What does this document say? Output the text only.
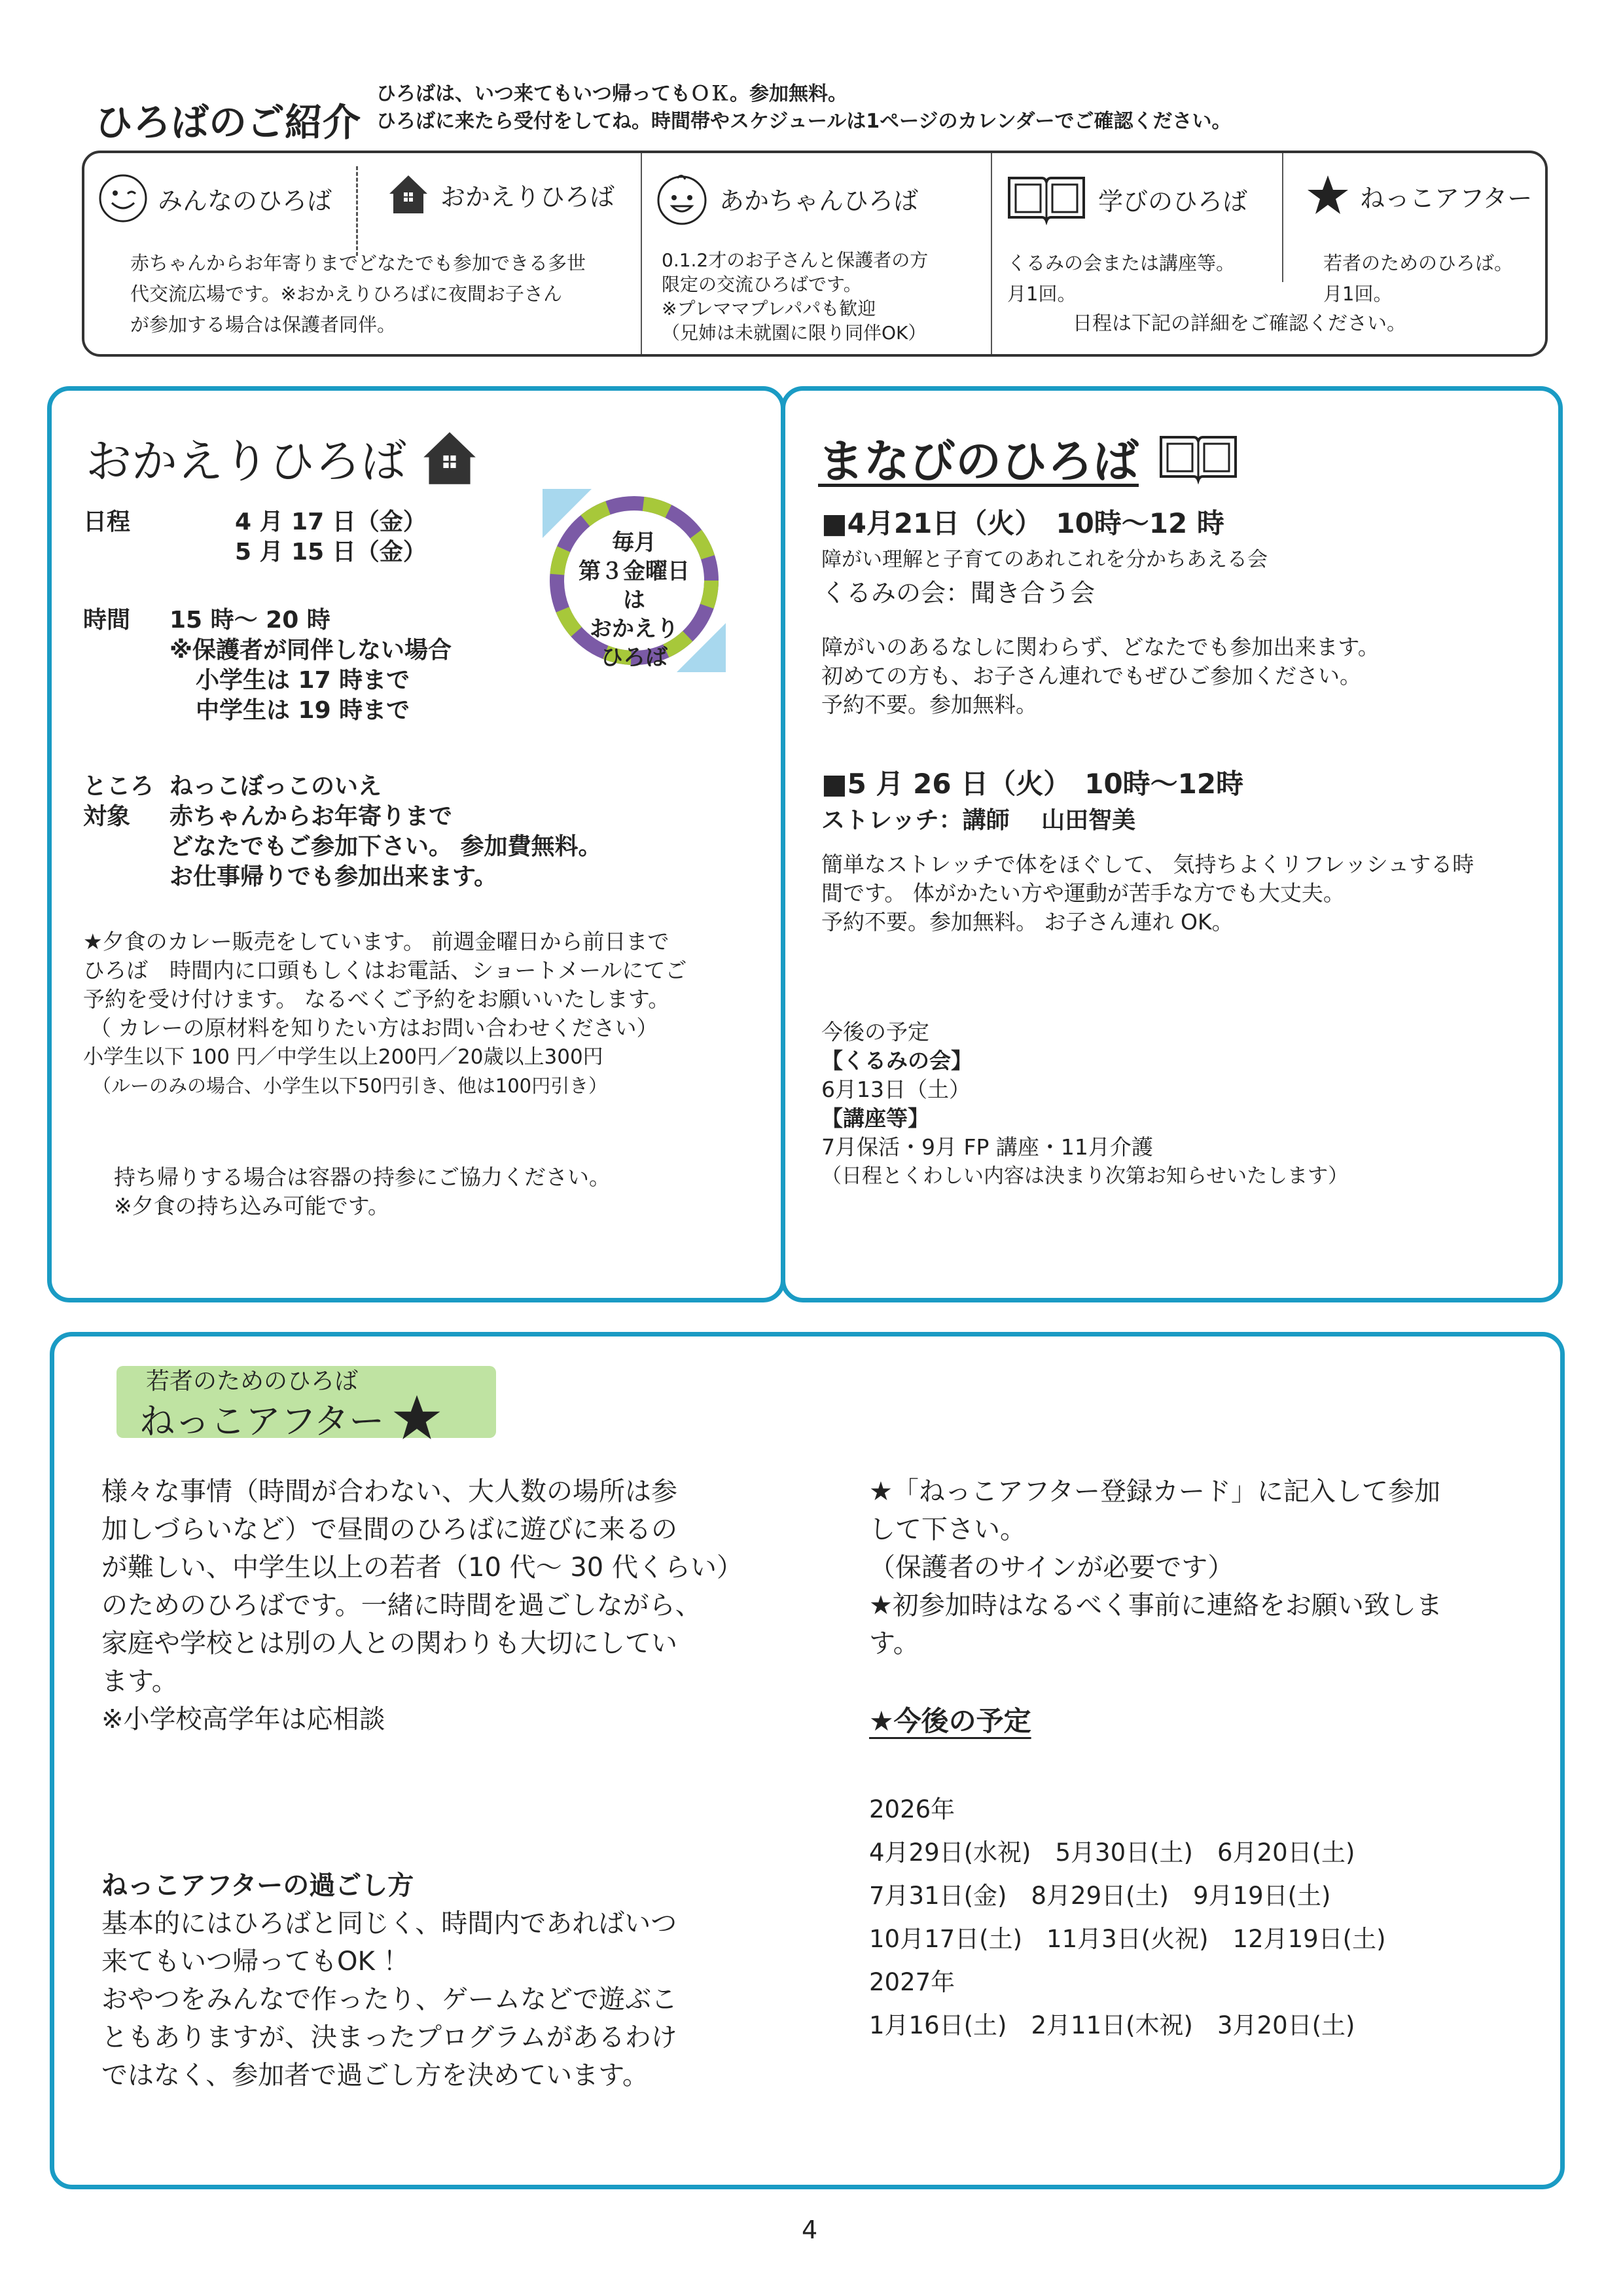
ひろばのご紹介
ひろばは、いつ来てもいつ帰ってもＯＫ。参加無料。
ひろばに来たら受付をしてね。時間帯やスケジュールは1ページのカレンダーでご確認ください。
みんなのひろば	おかえりひろば	あかちゃんひろば	学びのひろば	ねっこアフター
赤ちゃんからお年寄りまでどなたでも参加できる多世
代交流広場です。※おかえりひろばに夜間お子さん
が参加する場合は保護者同伴。
0.1.2才のお子さんと保護者の方
限定の交流ひろばです。
※プレママプレパパも歓迎
（兄姉は未就園に限り同伴OK）
くるみの会または講座等。
月1回。
若者のためのひろば。
月1回。
日程は下記の詳細をご確認ください。
おかえりひろば
毎月
第３金曜日は
おかえり
ひろば
日程	4 月 17 日（金）
5 月 15 日（金）
時間 15 時～ 20 時
※保護者が同伴しない場合
小学生は 17 時まで
中学生は 19 時まで
ところ ねっこぼっこのいえ
対象 赤ちゃんからお年寄りまで
どなたでもご参加下さい。 参加費無料。
お仕事帰りでも参加出来ます。
★夕食のカレー販売をしています。 前週金曜日から前日まで
ひろば　時間内に口頭もしくはお電話、ショートメールにてご
予約を受け付けます。 なるべくご予約をお願いいたします。
（ カレーの原材料を知りたい方はお問い合わせください）
小学生以下 100 円／中学生以上200円／20歳以上300円
（ルーのみの場合、小学生以下50円引き、他は100円引き）
持ち帰りする場合は容器の持参にご協力ください。
※夕食の持ち込み可能です。
まなびのひろば
■4月21日（火）　10時～12 時
障がい理解と子育てのあれこれを分かちあえる会
くるみの会：聞き合う会
障がいのあるなしに関わらず、どなたでも参加出来ます。
初めての方も、お子さん連れでもぜひご参加ください。
予約不要。参加無料。
■5 月 26 日（火）　10時～12時
ストレッチ：講師　 山田智美
簡単なストレッチで体をほぐして、 気持ちよくリフレッシュする時
間です。 体がかたい方や運動が苦手な方でも大丈夫。
予約不要。参加無料。 お子さん連れ OK。
今後の予定
【くるみの会】
6月13日（土）
【講座等】
7月保活・9月 FP 講座・11月介護
（日程とくわしい内容は決まり次第お知らせいたします）
若者のためのひろば
ねっこアフター
様々な事情（時間が合わない、大人数の場所は参
加しづらいなど）で昼間のひろばに遊びに来るの
が難しい、中学生以上の若者（10 代～ 30 代くらい）
のためのひろばです。一緒に時間を過ごしながら、
家庭や学校とは別の人との関わりも大切にしてい
ます。
※小学校高学年は応相談
ねっこアフターの過ごし方
基本的にはひろばと同じく、時間内であればいつ
来てもいつ帰ってもOK ！
おやつをみんなで作ったり、ゲームなどで遊ぶこ
ともありますが、決まったプログラムがあるわけ
ではなく、参加者で過ごし方を決めています。
★「ねっこアフター登録カード」に記入して参加
して下さい。
（保護者のサインが必要です）
★初参加時はなるべく事前に連絡をお願い致しま
す。
★今後の予定
2026年
4月29日(水祝)　5月30日(土)　6月20日(土)
7月31日(金)　8月29日(土)　9月19日(土)
10月17日(土)　11月3日(火祝)　12月19日(土)
2027年
1月16日(土)　2月11日(木祝)　3月20日(土)
4
